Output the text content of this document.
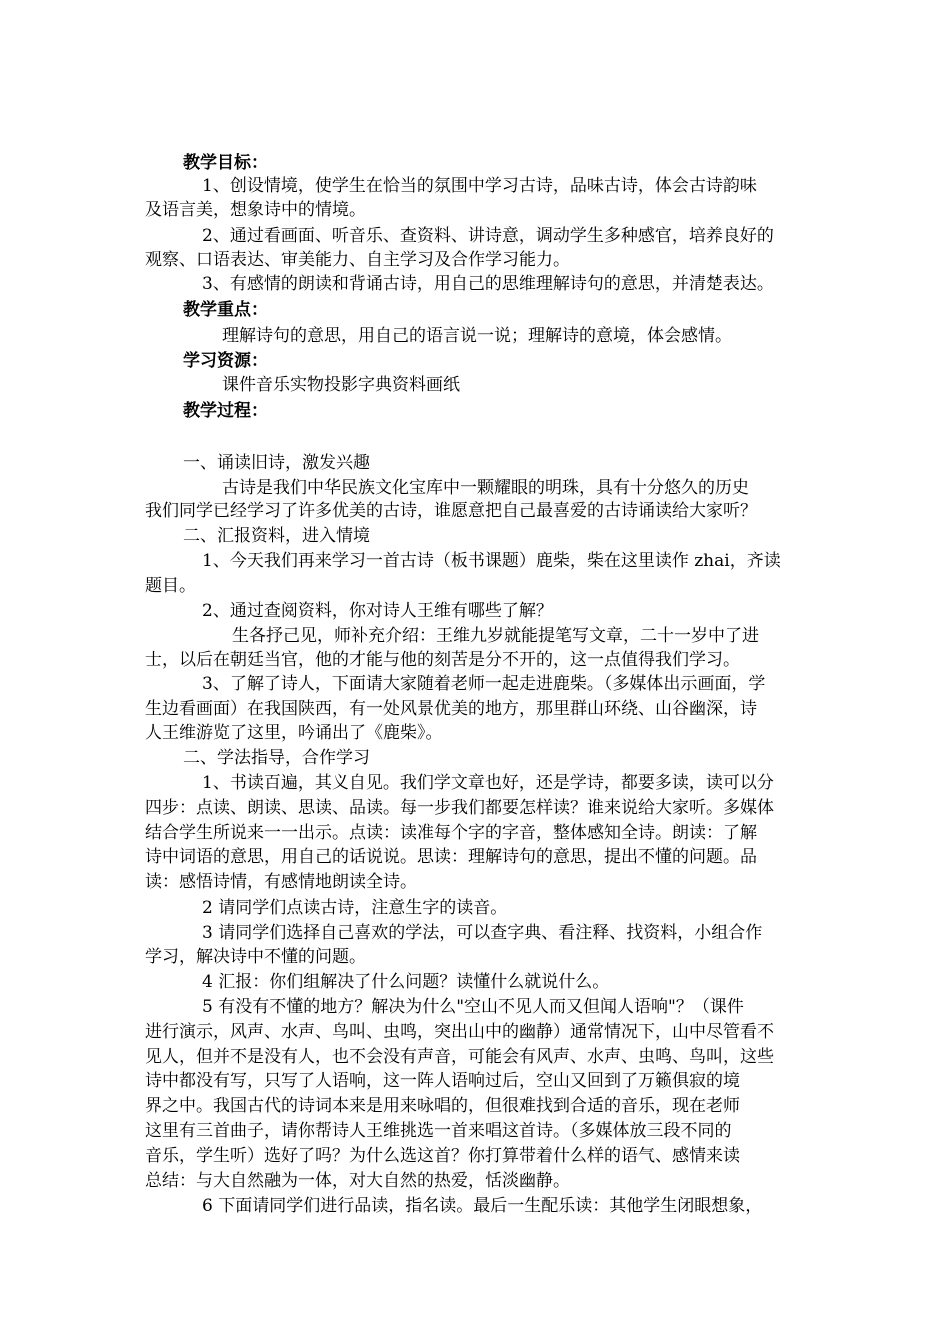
教学目标：
1、创设情境，使学生在恰当的氛围中学习古诗，品味古诗，体会古诗韵味
及语言美，想象诗中的情境。
2、通过看画面、听音乐、查资料、讲诗意，调动学生多种感官，培养良好的
观察、口语表达、审美能力、自主学习及合作学习能力。
3、有感情的朗读和背诵古诗，用自己的思维理解诗句的意思，并清楚表达。
教学重点：
理解诗句的意思，用自己的语言说一说；理解诗的意境，体会感情。
学习资源：
课件音乐实物投影字典资料画纸
教学过程：
一、诵读旧诗，激发兴趣
古诗是我们中华民族文化宝库中一颗耀眼的明珠，具有十分悠久的历史
我们同学已经学习了许多优美的古诗，谁愿意把自己最喜爱的古诗诵读给大家听？
二、汇报资料，进入情境
1、今天我们再来学习一首古诗（板书课题）鹿柴，柴在这里读作 zhai，齐读
题目。
2、通过查阅资料，你对诗人王维有哪些了解？
生各抒己见，师补充介绍：王维九岁就能提笔写文章，二十一岁中了进
士，以后在朝廷当官，他的才能与他的刻苦是分不开的，这一点值得我们学习。
3、了解了诗人，下面请大家随着老师一起走进鹿柴。（多媒体出示画面，学
生边看画面）在我国陕西，有一处风景优美的地方，那里群山环绕、山谷幽深，诗
人王维游览了这里，吟诵出了《鹿柴》。
二、学法指导，合作学习
1、书读百遍，其义自见。我们学文章也好，还是学诗，都要多读，读可以分
四步：点读、朗读、思读、品读。每一步我们都要怎样读？谁来说给大家听。多媒体
结合学生所说来一一出示。点读：读准每个字的字音，整体感知全诗。朗读：了解
诗中词语的意思，用自己的话说说。思读：理解诗句的意思，提出不懂的问题。品
读：感悟诗情，有感情地朗读全诗。
2 请同学们点读古诗，注意生字的读音。
3 请同学们选择自己喜欢的学法，可以查字典、看注释、找资料，小组合作
学习，解决诗中不懂的问题。
4 汇报：你们组解决了什么问题？读懂什么就说什么。
5 有没有不懂的地方？解决为什么"空山不见人而又但闻人语响"？（课件
进行演示，风声、水声、鸟叫、虫鸣，突出山中的幽静）通常情况下，山中尽管看不
见人，但并不是没有人，也不会没有声音，可能会有风声、水声、虫鸣、鸟叫，这些
诗中都没有写，只写了人语响，这一阵人语响过后，空山又回到了万籁俱寂的境
界之中。我国古代的诗词本来是用来咏唱的，但很难找到合适的音乐，现在老师
这里有三首曲子，请你帮诗人王维挑选一首来唱这首诗。（多媒体放三段不同的
音乐，学生听）选好了吗？为什么选这首？你打算带着什么样的语气、感情来读
总结：与大自然融为一体，对大自然的热爱，恬淡幽静。
6 下面请同学们进行品读，指名读。最后一生配乐读：其他学生闭眼想象，
